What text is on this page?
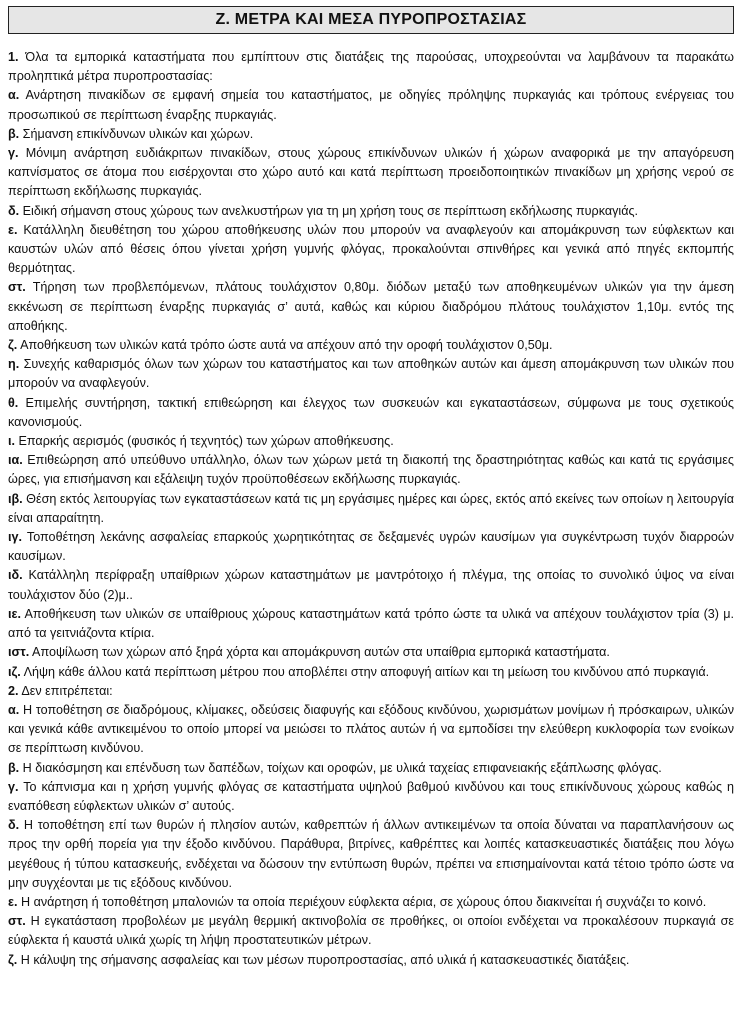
Ζ. ΜΕΤΡΑ ΚΑΙ ΜΕΣΑ ΠΥΡΟΠΡΟΣΤΑΣΙΑΣ

1. Όλα τα εμπορικά καταστήματα που εμπίπτουν στις διατάξεις της παρούσας, υποχρεούνται να λαμβάνουν τα παρακάτω προληπτικά μέτρα πυροπροστασίας:

α. Ανάρτηση πινακίδων σε εμφανή σημεία του καταστήματος, με οδηγίες πρόληψης πυρκαγιάς και τρόπους ενέργειας του προσωπικού σε περίπτωση έναρξης πυρκαγιάς.

β. Σήμανση επικίνδυνων υλικών και χώρων.

γ. Μόνιμη ανάρτηση ευδιάκριτων πινακίδων, στους χώρους επικίνδυνων υλικών ή χώρων αναφορικά με την απαγόρευση καπνίσματος σε άτομα που εισέρχονται στο χώρο αυτό και κατά περίπτωση προειδοποιητικών πινακίδων μη χρήσης νερού σε περίπτωση εκδήλωσης πυρκαγιάς.

δ. Ειδική σήμανση στους χώρους των ανελκυστήρων για τη μη χρήση τους σε περίπτωση εκδήλωσης πυρκαγιάς.

ε. Κατάλληλη διευθέτηση του χώρου αποθήκευσης υλών που μπορούν να αναφλεγούν και απομάκρυνση των εύφλεκτων και καυστών υλών από θέσεις όπου γίνεται χρήση γυμνής φλόγας, προκαλούνται σπινθήρες και γενικά από πηγές εκπομπής θερμότητας.

στ. Τήρηση των προβλεπόμενων, πλάτους τουλάχιστον 0,80μ. διόδων μεταξύ των αποθηκευμένων υλικών για την άμεση εκκένωση σε περίπτωση έναρξης πυρκαγιάς σ’ αυτά, καθώς και κύριου διαδρόμου πλάτους τουλάχιστον 1,10μ. εντός της αποθήκης.

ζ. Αποθήκευση των υλικών κατά τρόπο ώστε αυτά να απέχουν από την οροφή τουλάχιστον 0,50μ.

η. Συνεχής καθαρισμός όλων των χώρων του καταστήματος και των αποθηκών αυτών και άμεση απομάκρυνση των υλικών που μπορούν να αναφλεγούν.

θ. Επιμελής συντήρηση, τακτική επιθεώρηση και έλεγχος των συσκευών και εγκαταστάσεων, σύμφωνα με τους σχετικούς κανονισμούς.

ι. Επαρκής αερισμός (φυσικός ή τεχνητός) των χώρων αποθήκευσης.

ια. Επιθεώρηση από υπεύθυνο υπάλληλο, όλων των χώρων μετά τη διακοπή της δραστηριότητας καθώς και κατά τις εργάσιμες ώρες, για επισήμανση και εξάλειψη τυχόν προϋποθέσεων εκδήλωσης πυρκαγιάς.

ιβ. Θέση εκτός λειτουργίας των εγκαταστάσεων κατά τις μη εργάσιμες ημέρες και ώρες, εκτός από εκείνες των οποίων η λειτουργία είναι απαραίτητη.

ιγ. Τοποθέτηση λεκάνης ασφαλείας επαρκούς χωρητικότητας σε δεξαμενές υγρών καυσίμων για συγκέντρωση τυχόν διαρροών καυσίμων.

ιδ. Κατάλληλη περίφραξη υπαίθριων χώρων καταστημάτων με μαντρότοιχο ή πλέγμα, της οποίας το συνολικό ύψος να είναι τουλάχιστον δύο (2)μ..

ιε. Αποθήκευση των υλικών σε υπαίθριους χώρους καταστημάτων κατά τρόπο ώστε τα υλικά να απέχουν τουλάχιστον τρία (3) μ. από τα γειτνιάζοντα κτίρια.

ιστ. Αποψίλωση των χώρων από ξηρά χόρτα και απομάκρυνση αυτών στα υπαίθρια εμπορικά καταστήματα.

ιζ. Λήψη κάθε άλλου κατά περίπτωση μέτρου που αποβλέπει στην αποφυγή αιτίων και τη μείωση του κινδύνου από πυρκαγιά.

2. Δεν επιτρέπεται:

α. Η τοποθέτηση σε διαδρόμους, κλίμακες, οδεύσεις διαφυγής και εξόδους κινδύνου, χωρισμάτων μονίμων ή πρόσκαιρων, υλικών και γενικά κάθε αντικειμένου το οποίο μπορεί να μειώσει το πλάτος αυτών ή να εμποδίσει την ελεύθερη κυκλοφορία των ενοίκων σε περίπτωση κινδύνου.

β. Η διακόσμηση και επένδυση των δαπέδων, τοίχων και οροφών, με υλικά ταχείας επιφανειακής εξάπλωσης φλόγας.

γ. Το κάπνισμα και η χρήση γυμνής φλόγας σε καταστήματα υψηλού βαθμού κινδύνου και τους επικίνδυνους χώρους καθώς η εναπόθεση εύφλεκτων υλικών σ’ αυτούς.

δ. Η τοποθέτηση επί των θυρών ή πλησίον αυτών, καθρεπτών ή άλλων αντικειμένων τα οποία δύναται να παραπλανήσουν ως προς την ορθή πορεία για την έξοδο κινδύνου. Παράθυρα, βιτρίνες, καθρέπτες και λοιπές κατασκευαστικές διατάξεις που λόγω μεγέθους ή τύπου κατασκευής, ενδέχεται να δώσουν την εντύπωση θυρών, πρέπει να επισημαίνονται κατά τέτοιο τρόπο ώστε να μην συγχέονται με τις εξόδους κινδύνου.

ε. Η ανάρτηση ή τοποθέτηση μπαλονιών τα οποία περιέχουν εύφλεκτα αέρια, σε χώρους όπου διακινείται ή συχνάζει το κοινό.

στ. Η εγκατάσταση προβολέων με μεγάλη θερμική ακτινοβολία σε προθήκες, οι οποίοι ενδέχεται να προκαλέσουν πυρκαγιά σε εύφλεκτα ή καυστά υλικά χωρίς τη λήψη προστατευτικών μέτρων.

ζ. Η κάλυψη της σήμανσης ασφαλείας και των μέσων πυροπροστασίας, από υλικά ή κατασκευαστικές διατάξεις.
